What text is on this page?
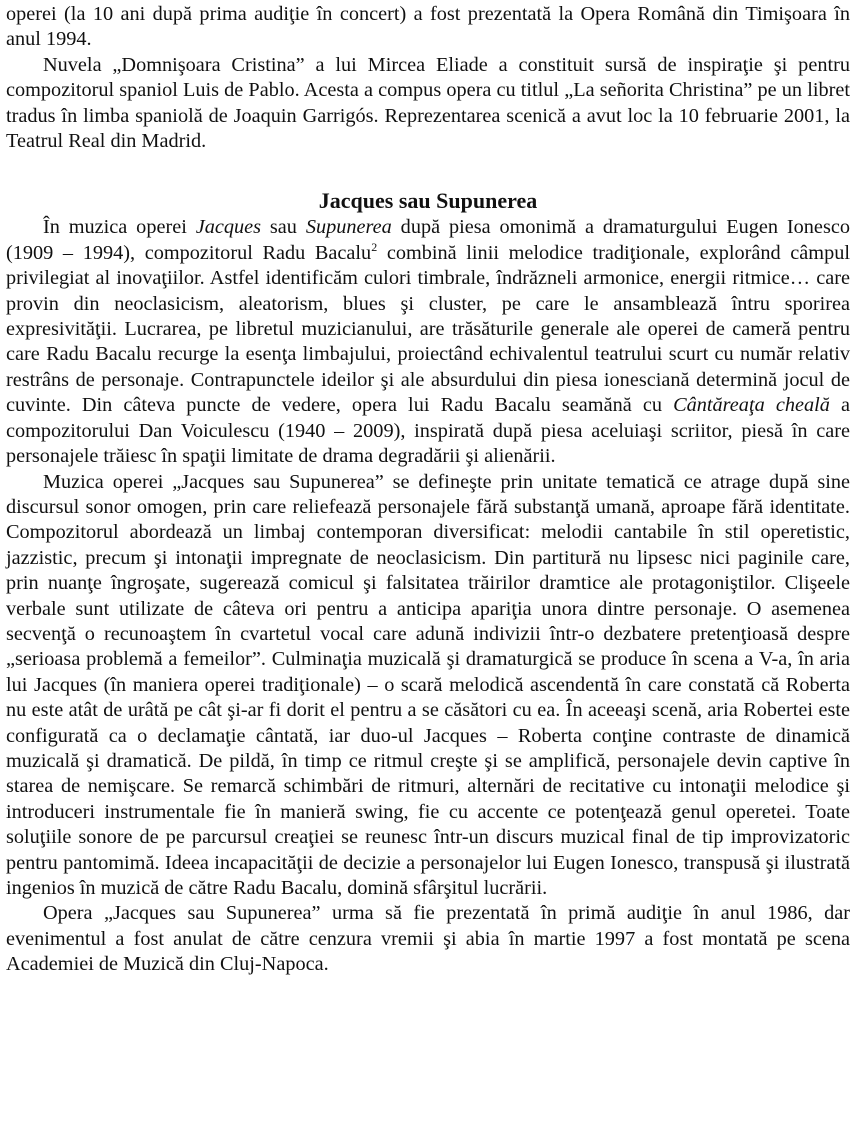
operei (la 10 ani după prima audiţie în concert) a fost prezentată la Opera Română din Timişoara în anul 1994.

Nuvela „Domnişoara Cristina” a lui Mircea Eliade a constituit sursă de inspiraţie şi pentru compozitorul spaniol Luis de Pablo. Acesta a compus opera cu titlul „La señorita Christina” pe un libret tradus în limba spaniolă de Joaquin Garrigós. Reprezentarea scenică a avut loc la 10 februarie 2001, la Teatrul Real din Madrid.

Jacques sau Supunerea

În muzica operei Jacques sau Supunerea după piesa omonimă a dramaturgului Eugen Ionesco (1909 – 1994), compozitorul Radu Bacalu$^2$ combină linii melodice tradiţionale, explorând câmpul privilegiat al inovaţiilor. Astfel identificăm culori timbrale, îndrăzneli armonice, energii ritmice… care provin din neoclasicism, aleatorism, blues şi cluster, pe care le ansamblează întru sporirea expresivităţii. Lucrarea, pe libretul muzicianului, are trăsăturile generale ale operei de cameră pentru care Radu Bacalu recurge la esenţa limbajului, proiectând echivalentul teatrului scurt cu număr relativ restrâns de personaje. Contrapunctele ideilor şi ale absurdului din piesa ionesciană determină jocul de cuvinte. Din câteva puncte de vedere, opera lui Radu Bacalu seamănă cu Cântăreaţa cheală a compozitorului Dan Voiculescu (1940 – 2009), inspirată după piesa aceluiaşi scriitor, piesă în care personajele trăiesc în spaţii limitate de drama degradării şi alienării.

Muzica operei „Jacques sau Supunerea” se defineşte prin unitate tematică ce atrage după sine discursul sonor omogen, prin care reliefează personajele fără substanţă umană, aproape fără identitate. Compozitorul abordează un limbaj contemporan diversificat: melodii cantabile în stil operetistic, jazzistic, precum şi intonaţii impregnate de neoclasicism. Din partitură nu lipsesc nici paginile care, prin nuanţe îngroşate, sugerează comicul şi falsitatea trăirilor dramtice ale protagoniştilor. Clişeele verbale sunt utilizate de câteva ori pentru a anticipa apariţia unora dintre personaje. O asemenea secvenţă o recunoaştem în cvartetul vocal care adună indivizii într-o dezbatere pretenţioasă despre „serioasa problemă a femeilor”. Culminaţia muzicală şi dramaturgică se produce în scena a V-a, în aria lui Jacques (în maniera operei tradiţionale) – o scară melodică ascendentă în care constată că Roberta nu este atât de urâtă pe cât şi-ar fi dorit el pentru a se căsători cu ea. În aceeaşi scenă, aria Robertei este configurată ca o declamaţie cântată, iar duo-ul Jacques – Roberta conţine contraste de dinamică muzicală şi dramatică. De pildă, în timp ce ritmul creşte şi se amplifică, personajele devin captive în starea de nemişcare. Se remarcă schimbări de ritmuri, alternări de recitative cu intonaţii melodice şi introduceri instrumentale fie în manieră swing, fie cu accente ce potenţează genul operetei. Toate soluţiile sonore de pe parcursul creaţiei se reunesc într-un discurs muzical final de tip improvizatoric pentru pantomimă. Ideea incapacităţii de decizie a personajelor lui Eugen Ionesco, transpusă şi ilustrată ingenios în muzică de către Radu Bacalu, domină sfârşitul lucrării.

Opera „Jacques sau Supunerea” urma să fie prezentată în primă audiţie în anul 1986, dar evenimentul a fost anulat de către cenzura vremii şi abia în martie 1997 a fost montată pe scena Academiei de Muzică din Cluj-Napoca.
